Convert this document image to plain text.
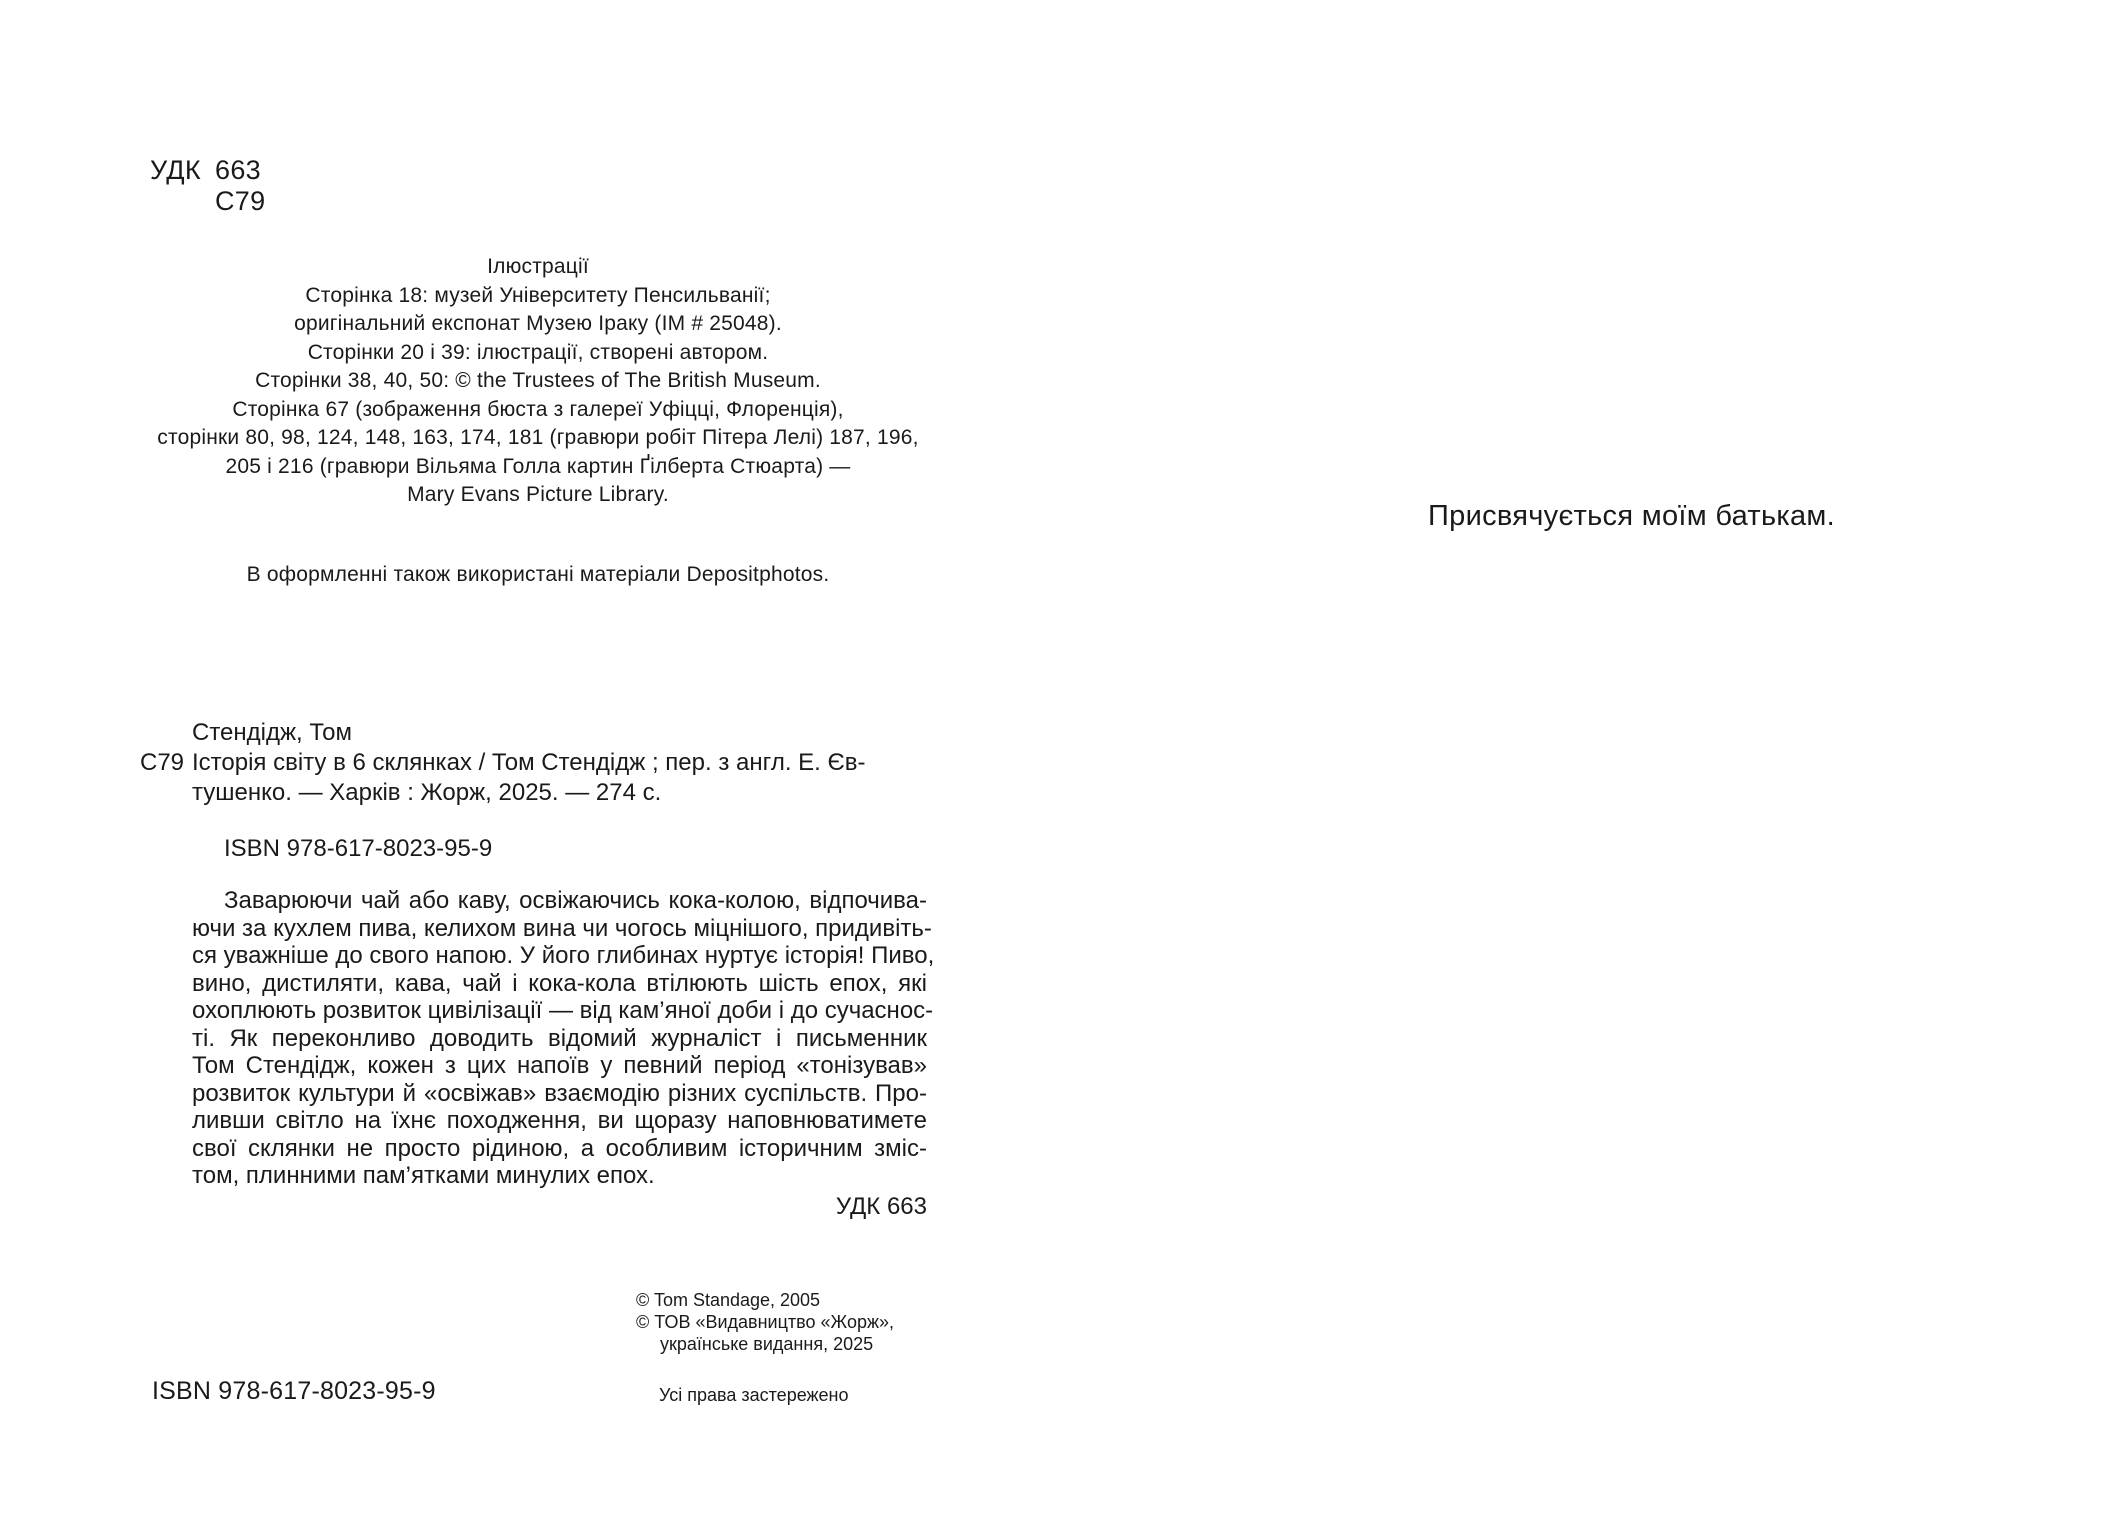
УДК 663
С79
Ілюстрації
Сторінка 18: музей Університету Пенсильванії;
оригінальний експонат Музею Іраку (IM # 25048).
Сторінки 20 і 39: ілюстрації, створені автором.
Сторінки 38, 40, 50: © the Trustees of The British Museum.
Сторінка 67 (зображення бюста з галереї Уфіцці, Флоренція),
сторінки 80, 98, 124, 148, 163, 174, 181 (гравюри робіт Пітера Лелі) 187, 196,
205 і 216 (гравюри Вільяма Голла картин Ґілберта Стюарта) —
Mary Evans Picture Library.
В оформленні також використані матеріали Depositphotos.
Стендідж, Том
С79 Історія світу в 6 склянках / Том Стендідж ; пер. з англ. Е. Єв-
тушенко. — Харків : Жорж, 2025. — 274 с.
ISBN 978-617-8023-95-9
Заварюючи чай або каву, освіжаючись кока-колою, відпочива-
ючи за кухлем пива, келихом вина чи чогось міцнішого, придивіть-
ся уважніше до свого напою. У його глибинах нуртує історія! Пиво,
вино, дистиляти, кава, чай і кока-кола втілюють шість епох, які
охоплюють розвиток цивілізації — від кам’яної доби і до сучаснос-
ті. Як переконливо доводить відомий журналіст і письменник
Том Стендідж, кожен з цих напоїв у певний період «тонізував»
розвиток культури й «освіжав» взаємодію різних суспільств. Про-
ливши світло на їхнє походження, ви щоразу наповнюватимете
свої склянки не просто рідиною, а особливим історичним зміс-
том, плинними пам’ятками минулих епох.
УДК 663
© Tom Standage, 2005
© ТОВ «Видавництво «Жорж»,
українське видання, 2025
Усі права застережено
ISBN 978-617-8023-95-9
Присвячується моїм батькам.
